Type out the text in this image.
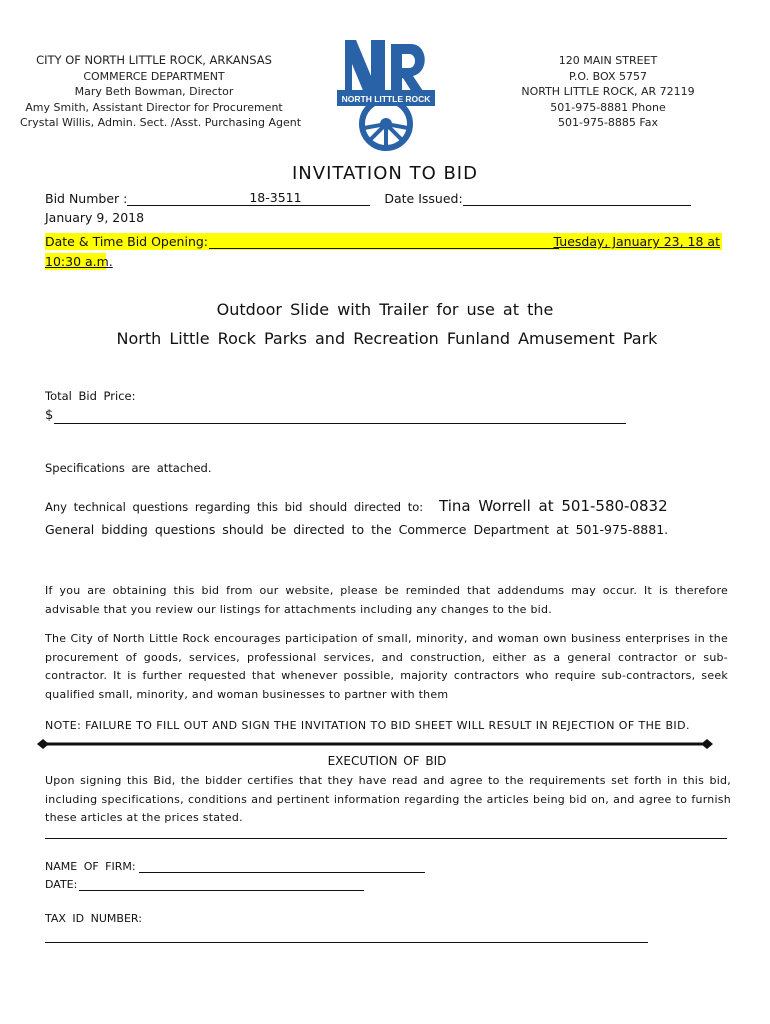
CITY OF NORTH LITTLE ROCK, ARKANSAS
COMMERCE DEPARTMENT
Mary Beth Bowman, Director
Amy Smith, Assistant Director for Procurement
Crystal Willis, Admin. Sect. /Asst. Purchasing Agent
NORTH LITTLE ROCK
120 MAIN STREET
P.O. BOX 5757
NORTH LITTLE ROCK, AR 72119
501-975-8881 Phone
501-975-8885 Fax
INVITATION TO BID
Bid Number :	18-3511	Date Issued:
January 9, 2018
Date & Time Bid Opening:	Tuesday, January 23, 18 at
10:30 a.m.
Outdoor Slide with Trailer for use at the
North Little Rock Parks and Recreation Funland Amusement Park
Total Bid Price:
$
Specifications are attached.
Any technical questions regarding this bid should directed to: Tina Worrell at 501-580-0832
General bidding questions should be directed to the Commerce Department at 501-975-8881.
If you are obtaining this bid from our website, please be reminded that addendums may occur. It is therefore advisable that you review our listings for attachments including any changes to the bid.
The City of North Little Rock encourages participation of small, minority, and woman own business enterprises in the procurement of goods, services, professional services, and construction, either as a general contractor or sub-contractor. It is further requested that whenever possible, majority contractors who require sub-contractors, seek qualified small, minority, and woman businesses to partner with them
NOTE: FAILURE TO FILL OUT AND SIGN THE INVITATION TO BID SHEET WILL RESULT IN REJECTION OF THE BID.
EXECUTION OF BID
Upon signing this Bid, the bidder certifies that they have read and agree to the requirements set forth in this bid, including specifications, conditions and pertinent information regarding the articles being bid on, and agree to furnish these articles at the prices stated.
NAME OF FIRM:
DATE:
TAX ID NUMBER:
